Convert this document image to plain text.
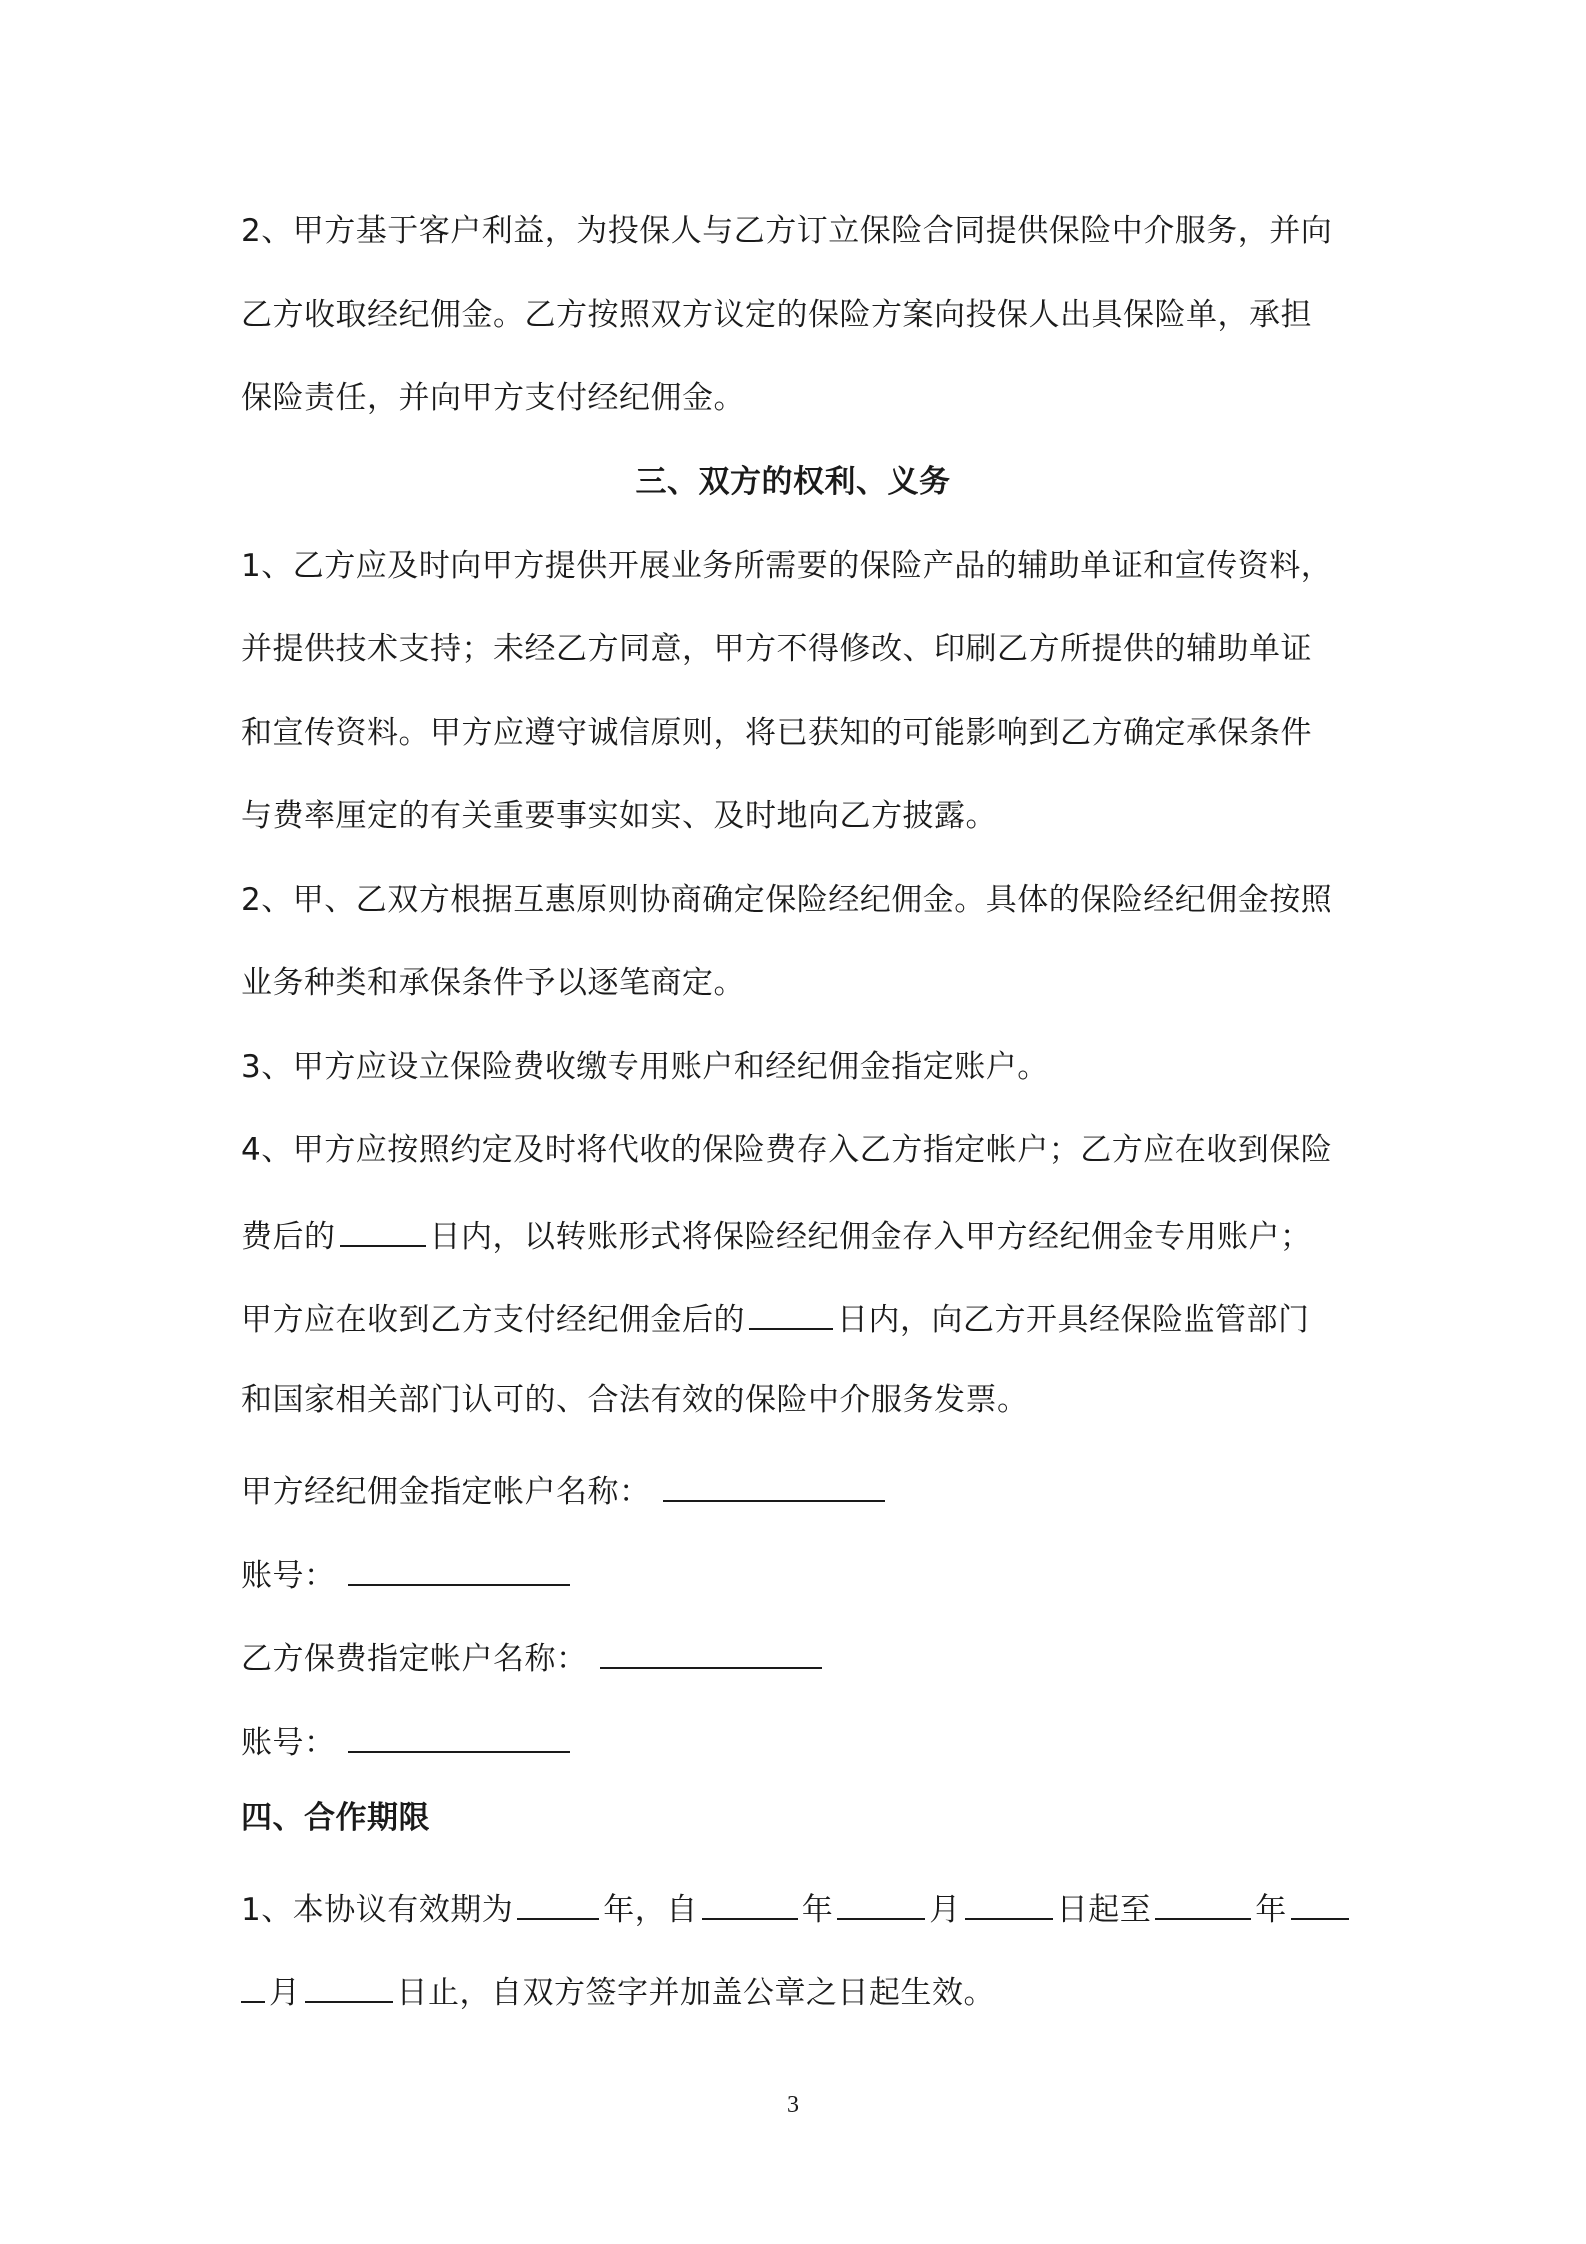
2、甲方基于客户利益，为投保人与乙方订立保险合同提供保险中介服务，并向
乙方收取经纪佣金。乙方按照双方议定的保险方案向投保人出具保险单，承担
保险责任，并向甲方支付经纪佣金。
三、双方的权利、义务
1、乙方应及时向甲方提供开展业务所需要的保险产品的辅助单证和宣传资料，
并提供技术支持；未经乙方同意，甲方不得修改、印刷乙方所提供的辅助单证
和宣传资料。甲方应遵守诚信原则，将已获知的可能影响到乙方确定承保条件
与费率厘定的有关重要事实如实、及时地向乙方披露。
2、甲、乙双方根据互惠原则协商确定保险经纪佣金。具体的保险经纪佣金按照
业务种类和承保条件予以逐笔商定。
3、甲方应设立保险费收缴专用账户和经纪佣金指定账户。
4、甲方应按照约定及时将代收的保险费存入乙方指定帐户；乙方应在收到保险
费后的	日内，以转账形式将保险经纪佣金存入甲方经纪佣金专用账户；
甲方应在收到乙方支付经纪佣金后的	日内，向乙方开具经保险监管部门
和国家相关部门认可的、合法有效的保险中介服务发票。
甲方经纪佣金指定帐户名称：
账号：
乙方保费指定帐户名称：
账号：
四、合作期限
1、本协议有效期为	年，自	年	月	日起至	年
月	日止，自双方签字并加盖公章之日起生效。
3
